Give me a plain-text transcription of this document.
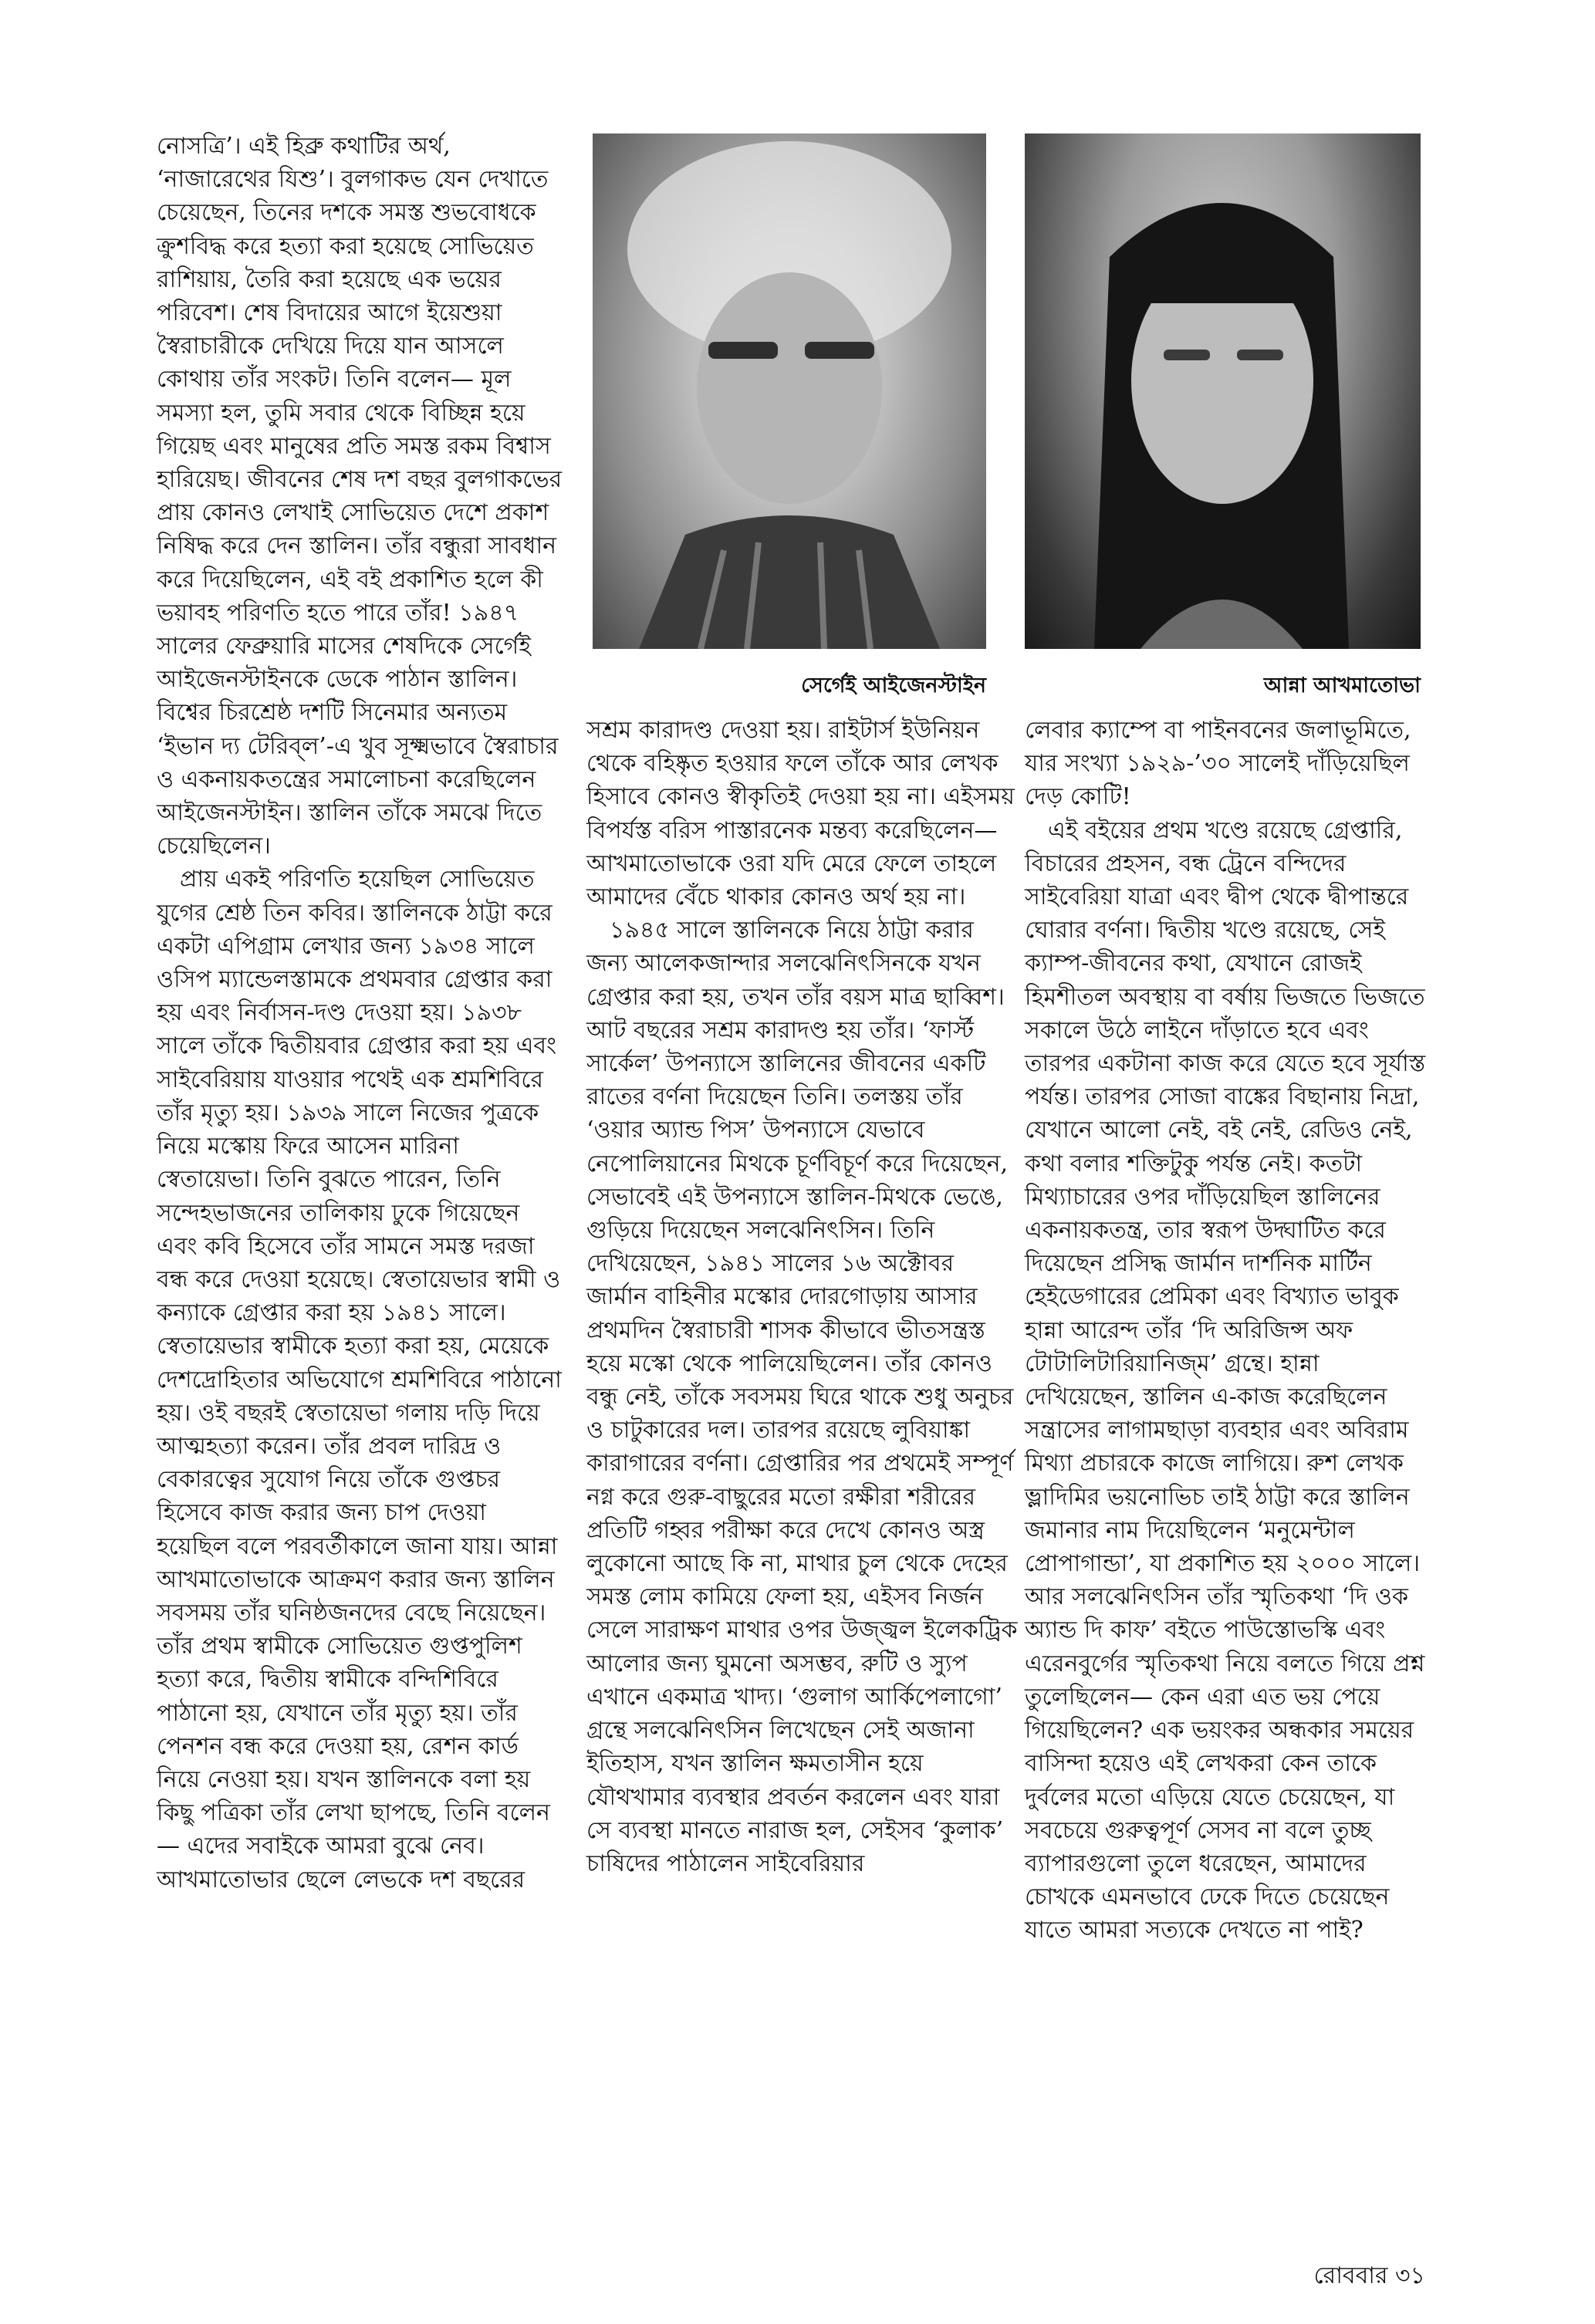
সের্গেই আইজেনস্টাইন	আন্না আখমাতোভা

নোসত্রি’। এই হিব্রু কথাটির অর্থ, ‘নাজারেথের যিশু’। বুলগাকভ যেন দেখাতে চেয়েছেন, তিনের দশকে সমস্ত শুভবোধকে ক্রুশবিদ্ধ করে হত্যা করা হয়েছে সোভিয়েত রাশিয়ায়, তৈরি করা হয়েছে এক ভয়ের পরিবেশ। শেষ বিদায়ের আগে ইয়েশুয়া স্বৈরাচারীকে দেখিয়ে দিয়ে যান আসলে কোথায় তাঁর সংকট। তিনি বলেন— মূল সমস্যা হল, তুমি সবার থেকে বিচ্ছিন্ন হয়ে গিয়েছ এবং মানুষের প্রতি সমস্ত রকম বিশ্বাস হারিয়েছ। জীবনের শেষ দশ বছর বুলগাকভের প্রায় কোনও লেখাই সোভিয়েত দেশে প্রকাশ নিষিদ্ধ করে দেন স্তালিন। তাঁর বন্ধুরা সাবধান করে দিয়েছিলেন, এই বই প্রকাশিত হলে কী ভয়াবহ পরিণতি হতে পারে তাঁর! ১৯৪৭ সালের ফেব্রুয়ারি মাসের শেষদিকে সের্গেই আইজেনস্টাইনকে ডেকে পাঠান স্তালিন। বিশ্বের চিরশ্রেষ্ঠ দশটি সিনেমার অন্যতম ‘ইভান দ্য টেরিব্‌ল’-এ খুব সূক্ষ্মভাবে স্বৈরাচার ও একনায়কতন্ত্রের সমালোচনা করেছিলেন আইজেনস্টাইন। স্তালিন তাঁকে সমঝে দিতে চেয়েছিলেন।

প্রায় একই পরিণতি হয়েছিল সোভিয়েত যুগের শ্রেষ্ঠ তিন কবির। স্তালিনকে ঠাট্টা করে একটা এপিগ্রাম লেখার জন্য ১৯৩৪ সালে ওসিপ ম্যান্ডেলস্তামকে প্রথমবার গ্রেপ্তার করা হয় এবং নির্বাসন-দণ্ড দেওয়া হয়। ১৯৩৮ সালে তাঁকে দ্বিতীয়বার গ্রেপ্তার করা হয় এবং সাইবেরিয়ায় যাওয়ার পথেই এক শ্রমশিবিরে তাঁর মৃত্যু হয়। ১৯৩৯ সালে নিজের পুত্রকে নিয়ে মস্কোয় ফিরে আসেন মারিনা স্বেতায়েভা। তিনি বুঝতে পারেন, তিনি সন্দেহভাজনের তালিকায় ঢুকে গিয়েছেন এবং কবি হিসেবে তাঁর সামনে সমস্ত দরজা বন্ধ করে দেওয়া হয়েছে। স্বেতায়েভার স্বামী ও কন্যাকে গ্রেপ্তার করা হয় ১৯৪১ সালে। স্বেতায়েভার স্বামীকে হত্যা করা হয়, মেয়েকে দেশদ্রোহিতার অভিযোগে শ্রমশিবিরে পাঠানো হয়। ওই বছরই স্বেতায়েভা গলায় দড়ি দিয়ে আত্মহত্যা করেন। তাঁর প্রবল দারিদ্র ও বেকারত্বের সুযোগ নিয়ে তাঁকে গুপ্তচর হিসেবে কাজ করার জন্য চাপ দেওয়া হয়েছিল বলে পরবর্তীকালে জানা যায়। আন্না আখমাতোভাকে আক্রমণ করার জন্য স্তালিন সবসময় তাঁর ঘনিষ্ঠজনদের বেছে নিয়েছেন। তাঁর প্রথম স্বামীকে সোভিয়েত গুপ্তপুলিশ হত্যা করে, দ্বিতীয় স্বামীকে বন্দিশিবিরে পাঠানো হয়, যেখানে তাঁর মৃত্যু হয়। তাঁর পেনশন বন্ধ করে দেওয়া হয়, রেশন কার্ড নিয়ে নেওয়া হয়। যখন স্তালিনকে বলা হয় কিছু পত্রিকা তাঁর লেখা ছাপছে, তিনি বলেন— এদের সবাইকে আমরা বুঝে নেব। আখমাতোভার ছেলে লেভকে দশ বছরের

সশ্রম কারাদণ্ড দেওয়া হয়। রাইটার্স ইউনিয়ন থেকে বহিষ্কৃত হওয়ার ফলে তাঁকে আর লেখক হিসাবে কোনও স্বীকৃতিই দেওয়া হয় না। এইসময় বিপর্যস্ত বরিস পাস্তারনেক মন্তব্য করেছিলেন— আখমাতোভাকে ওরা যদি মেরে ফেলে তাহলে আমাদের বেঁচে থাকার কোনও অর্থ হয় না।

১৯৪৫ সালে স্তালিনকে নিয়ে ঠাট্টা করার জন্য আলেকজান্দার সলঝেনিৎসিনকে যখন গ্রেপ্তার করা হয়, তখন তাঁর বয়স মাত্র ছাব্বিশ। আট বছরের সশ্রম কারাদণ্ড হয় তাঁর। ‘ফার্স্ট সার্কেল’ উপন্যাসে স্তালিনের জীবনের একটি রাতের বর্ণনা দিয়েছেন তিনি। তলস্তয় তাঁর ‘ওয়ার অ্যান্ড পিস’ উপন্যাসে যেভাবে নেপোলিয়ানের মিথকে চূর্ণবিচূর্ণ করে দিয়েছেন, সেভাবেই এই উপন্যাসে স্তালিন-মিথকে ভেঙে, গুড়িয়ে দিয়েছেন সলঝেনিৎসিন। তিনি দেখিয়েছেন, ১৯৪১ সালের ১৬ অক্টোবর জার্মান বাহিনীর মস্কোর দোরগোড়ায় আসার প্রথমদিন স্বৈরাচারী শাসক কীভাবে ভীতসন্ত্রস্ত হয়ে মস্কো থেকে পালিয়েছিলেন। তাঁর কোনও বন্ধু নেই, তাঁকে সবসময় ঘিরে থাকে শুধু অনুচর ও চাটুকারের দল। তারপর রয়েছে লুবিয়াঙ্কা কারাগারের বর্ণনা। গ্রেপ্তারির পর প্রথমেই সম্পূর্ণ নগ্ন করে গুরু-বাছুরের মতো রক্ষীরা শরীরের প্রতিটি গহ্বর পরীক্ষা করে দেখে কোনও অস্ত্র লুকোনো আছে কি না, মাথার চুল থেকে দেহের সমস্ত লোম কামিয়ে ফেলা হয়, এইসব নির্জন সেলে সারাক্ষণ মাথার ওপর উজ্জ্বল ইলেকট্রিক আলোর জন্য ঘুমনো অসম্ভব, রুটি ও স্যুপ এখানে একমাত্র খাদ্য। ‘গুলাগ আর্কিপেলাগো’ গ্রন্থে সলঝেনিৎসিন লিখেছেন সেই অজানা ইতিহাস, যখন স্তালিন ক্ষমতাসীন হয়ে যৌথখামার ব্যবস্থার প্রবর্তন করলেন এবং যারা সে ব্যবস্থা মানতে নারাজ হল, সেইসব ‘কুলাক’ চাষিদের পাঠালেন সাইবেরিয়ার

লেবার ক্যাম্পে বা পাইনবনের জলাভূমিতে, যার সংখ্যা ১৯২৯-’৩০ সালেই দাঁড়িয়েছিল দেড় কোটি!

এই বইয়ের প্রথম খণ্ডে রয়েছে গ্রেপ্তারি, বিচারের প্রহসন, বন্ধ ট্রেনে বন্দিদের সাইবেরিয়া যাত্রা এবং দ্বীপ থেকে দ্বীপান্তরে ঘোরার বর্ণনা। দ্বিতীয় খণ্ডে রয়েছে, সেই ক্যাম্প-জীবনের কথা, যেখানে রোজই হিমশীতল অবস্থায় বা বর্ষায় ভিজতে ভিজতে সকালে উঠে লাইনে দাঁড়াতে হবে এবং তারপর একটানা কাজ করে যেতে হবে সূর্যাস্ত পর্যন্ত। তারপর সোজা বাঙ্কের বিছানায় নিদ্রা, যেখানে আলো নেই, বই নেই, রেডিও নেই, কথা বলার শক্তিটুকু পর্যন্ত নেই। কতটা মিথ্যাচারের ওপর দাঁড়িয়েছিল স্তালিনের একনায়কতন্ত্র, তার স্বরূপ উদ্ঘাটিত করে দিয়েছেন প্রসিদ্ধ জার্মান দার্শনিক মার্টিন হেইডেগারের প্রেমিকা এবং বিখ্যাত ভাবুক হান্না আরেন্দ তাঁর ‘দি অরিজিন্স অফ টোটালিটারিয়ানিজ্‌ম’ গ্রন্থে। হান্না দেখিয়েছেন, স্তালিন এ-কাজ করেছিলেন সন্ত্রাসের লাগামছাড়া ব্যবহার এবং অবিরাম মিথ্যা প্রচারকে কাজে লাগিয়ে। রুশ লেখক ভ্লাদিমির ভয়নোভিচ তাই ঠাট্টা করে স্তালিন জমানার নাম দিয়েছিলেন ‘মনুমেন্টাল প্রোপাগান্ডা’, যা প্রকাশিত হয় ২০০০ সালে। আর সলঝেনিৎসিন তাঁর স্মৃতিকথা ‘দি ওক অ্যান্ড দি কাফ’ বইতে পাউস্তোভস্কি এবং এরেনবুর্গের স্মৃতিকথা নিয়ে বলতে গিয়ে প্রশ্ন তুলেছিলেন— কেন এরা এত ভয় পেয়ে গিয়েছিলেন? এক ভয়ংকর অন্ধকার সময়ের বাসিন্দা হয়েও এই লেখকরা কেন তাকে দুর্বলের মতো এড়িয়ে যেতে চেয়েছেন, যা সবচেয়ে গুরুত্বপূর্ণ সেসব না বলে তুচ্ছ ব্যাপারগুলো তুলে ধরেছেন, আমাদের চোখকে এমনভাবে ঢেকে দিতে চেয়েছেন যাতে আমরা সত্যকে দেখতে না পাই?

রোববার ৩১
